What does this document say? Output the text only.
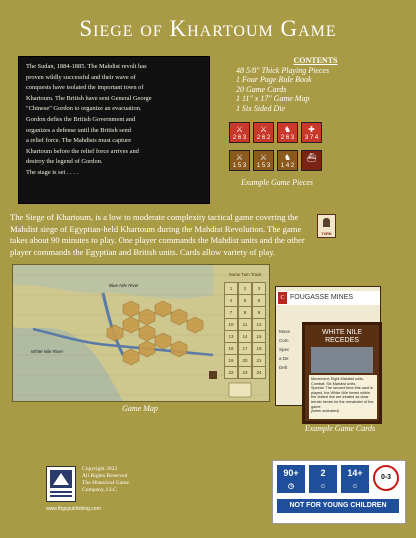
Siege of Khartoum Game

The Sudan, 1884-1885. The Mahdist revolt has

proven wildly successful and their wave of

conquests have isolated the important town of

Khartoum. The British have sent General George

"Chinese" Gordon to organize an evacuation.

Gordon defies the British Government and

organizes a defense until the British send

a relief force. The Mahdists must capture

Khartoum before the relief force arrives and

destroy the legend of Gordon.

The stage is set . . . .

CONTENTS
48 5/8" Thick Playing Pieces
1 Four Page Rule Book
20 Game Cards
1 11" x 17" Game Map
1 Six Sided Die
⚔
2 6 3
⚔
2 6 2
♞
2 6 3
✚
3 7 4
⚔
1 5 3
⚔
1 5 3
♞
1 4 2
⛴
Example Game Pieces
The Siege of Khartoum, is a low to moderate complexity tactical game covering the Mahdist siege of Egyptian-held Khartoum during the Mahdist Revolution. The game takes about 90 minutes to play. One player commands the Mahdist units and the other player commands the Egyptian and British units. Cards allow variety of play.
TURN
Blue Nile River
White Nile River
Game Turn Track
1	2	3
4	5	6
7	8	9
10	11	12
13	14	15
16	17	18
19	20	21
22	23	24
Game Map
FOUGASSE MINES
C
Move
Com
Spec
a De
Delt
WHITE NILE RECEDES
Movement: Eight Mahdist units.
Combat: Six Mahdist units.
Special: The second time this card is played, the White Nile hexes within the dotted line are treated as clear terrain hexes for the remainder of the game.
(when activated)
Example Game Cards
Copyright 2022
All Rights Reserved
The Historical Game
Company, LLC
www.thgcpublishing.com
90+
◷
2
☺
14+
☺
0-3
NOT FOR YOUNG CHILDREN
